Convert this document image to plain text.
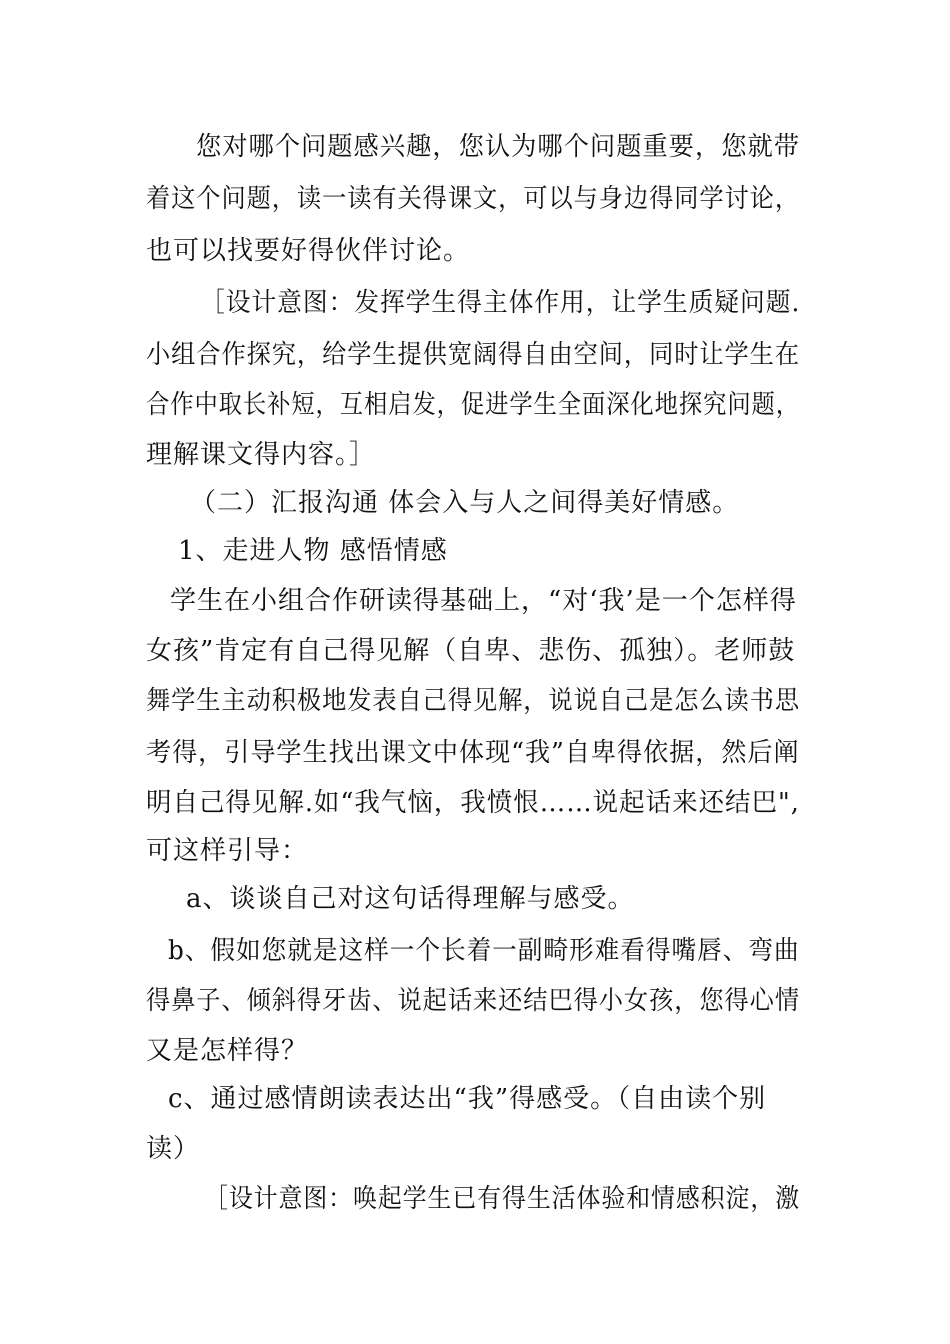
您对哪个问题感兴趣，您认为哪个问题重要，您就带
着这个问题，读一读有关得课文，可以与身边得同学讨论，
也可以找要好得伙伴讨论。
［设计意图：发挥学生得主体作用，让学生质疑问题.
小组合作探究，给学生提供宽阔得自由空间，同时让学生在
合作中取长补短，互相启发，促进学生全面深化地探究问题，
理解课文得内容。］
（二）汇报沟通 体会入与人之间得美好情感。
1、走进人物 感悟情感
学生在小组合作研读得基础上，“对‘我’是一个怎样得
女孩”肯定有自己得见解（自卑、悲伤、孤独）。老师鼓
舞学生主动积极地发表自己得见解，说说自己是怎么读书思
考得，引导学生找出课文中体现“我”自卑得依据，然后阐
明自己得见解.如“我气恼，我愤恨……说起话来还结巴",
可这样引导：
a、谈谈自己对这句话得理解与感受。
b、假如您就是这样一个长着一副畸形难看得嘴唇、弯曲
得鼻子、倾斜得牙齿、说起话来还结巴得小女孩，您得心情
又是怎样得？
c、通过感情朗读表达出“我”得感受。（自由读个别
读）
［设计意图：唤起学生已有得生活体验和情感积淀，激
